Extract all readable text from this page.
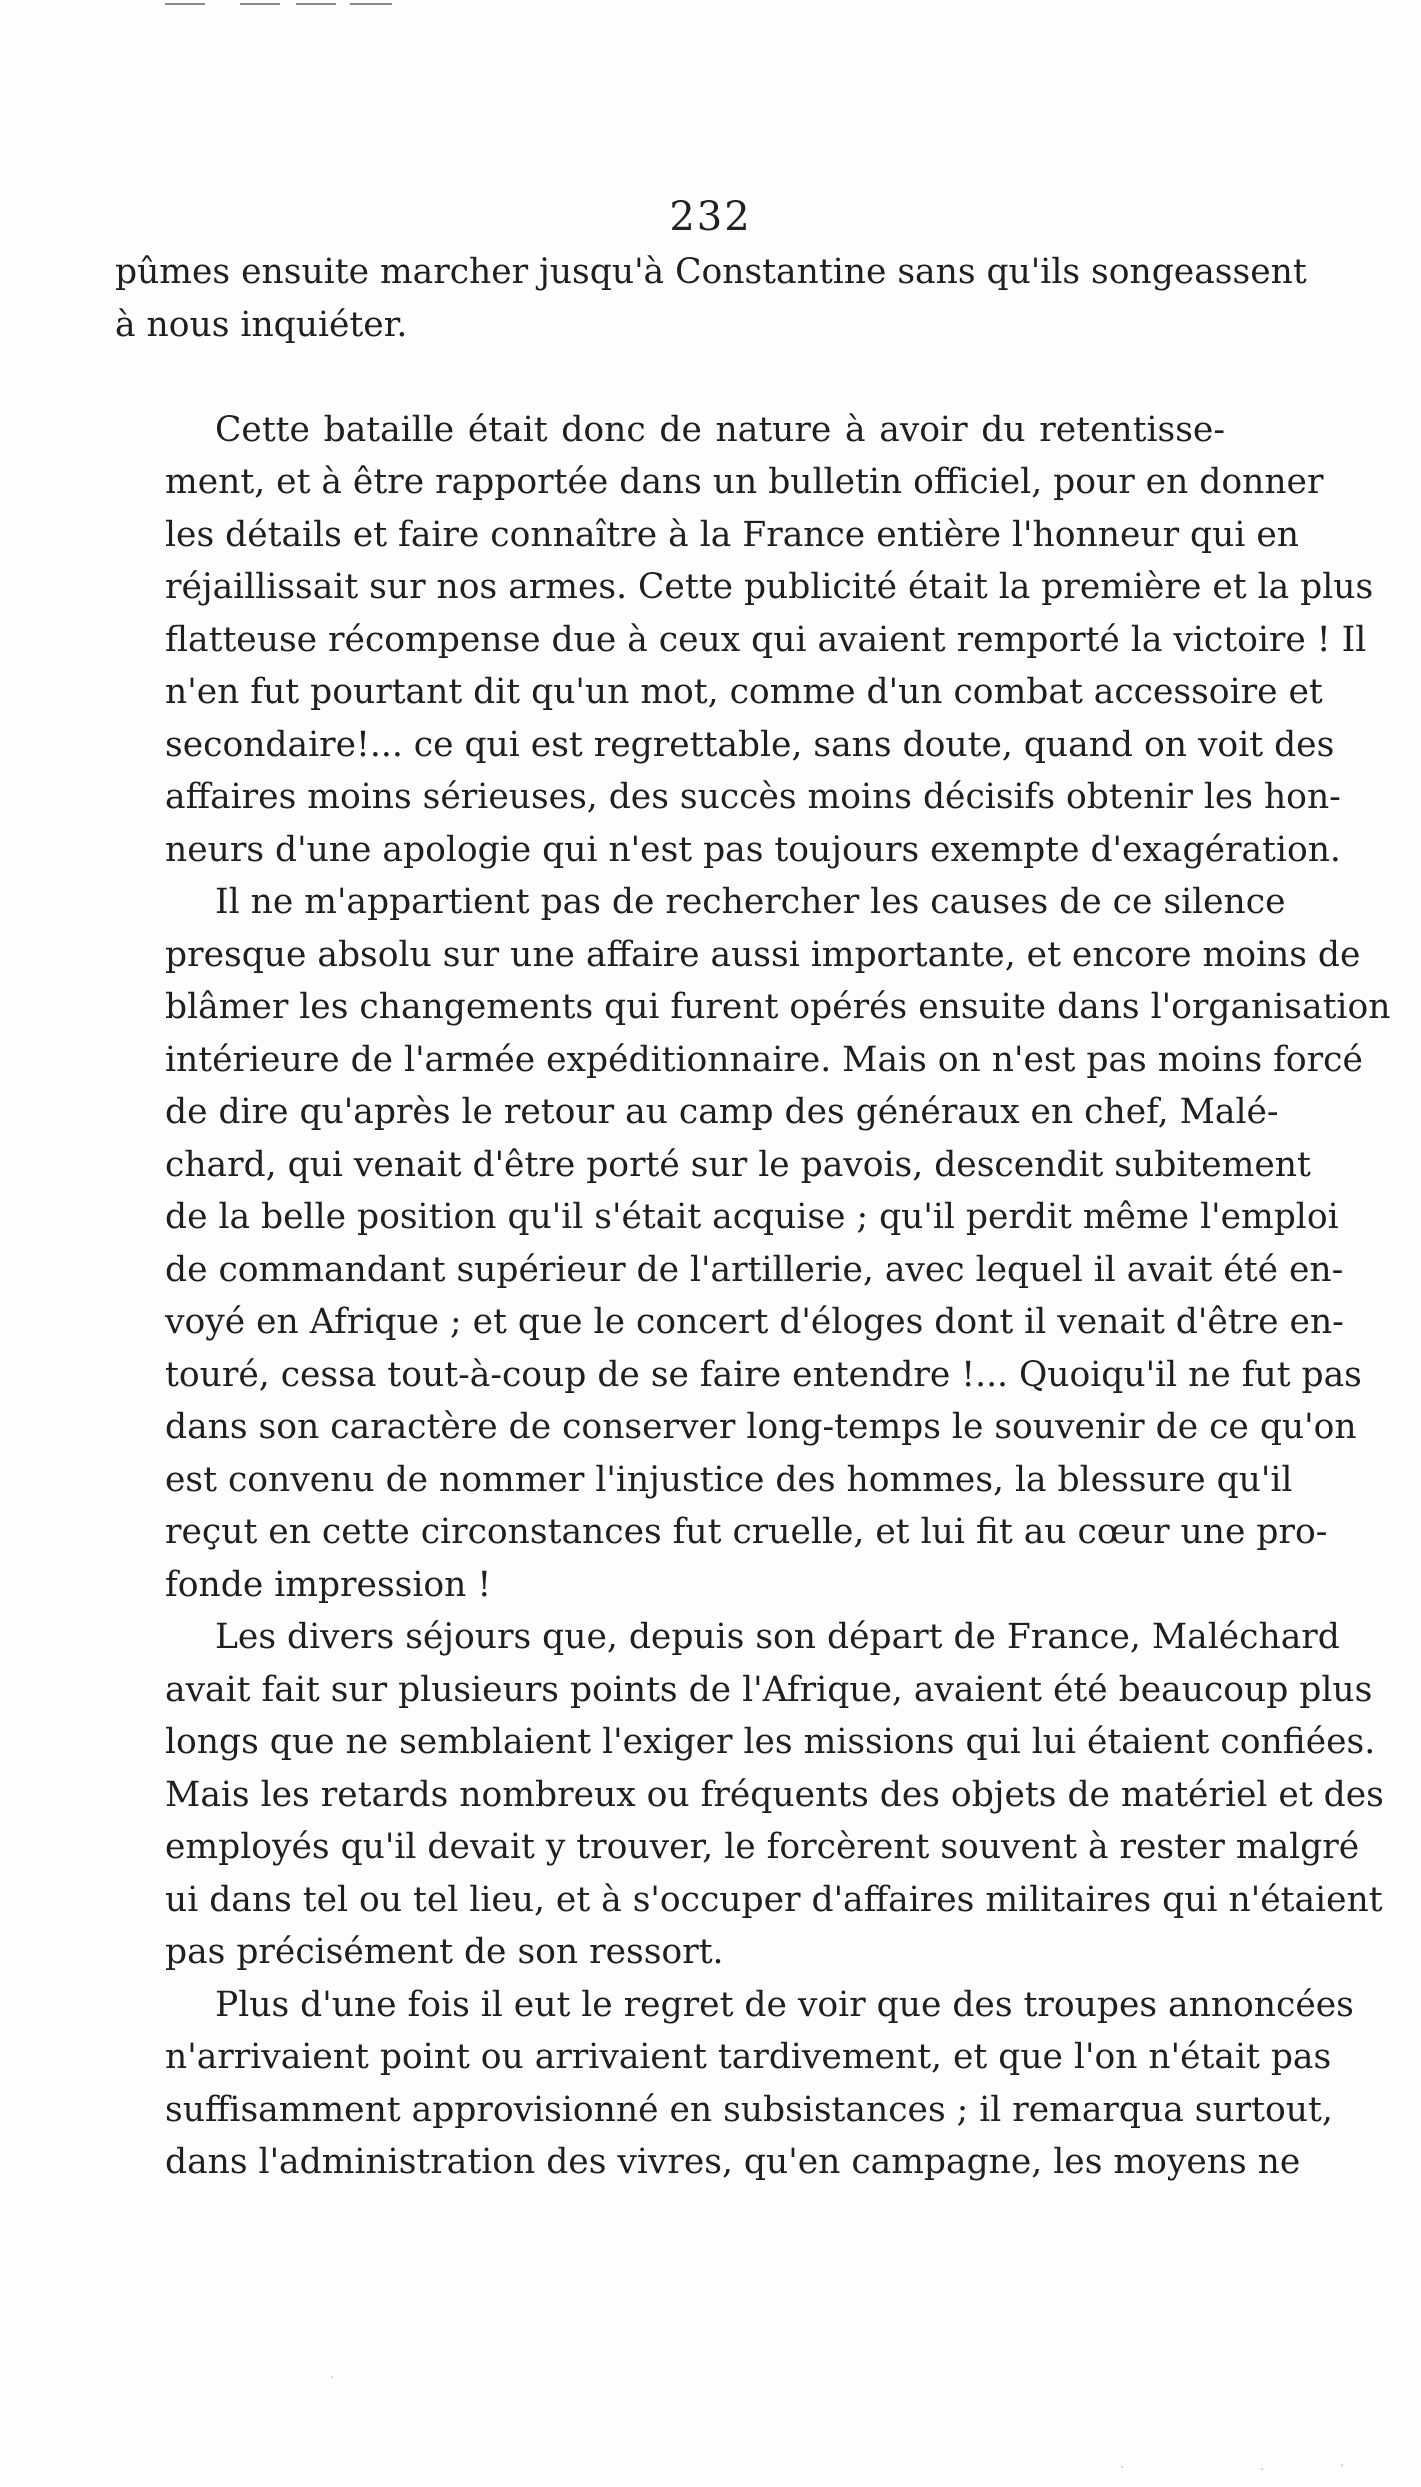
232

pûmes ensuite marcher jusqu'à Constantine sans qu'ils songeassent
à nous inquiéter.

Cette bataille était donc de nature à avoir du retentisse-
ment, et à être rapportée dans un bulletin officiel, pour en donner
les détails et faire connaître à la France entière l'honneur qui en
réjaillissait sur nos armes. Cette publicité était la première et la plus
flatteuse récompense due à ceux qui avaient remporté la victoire ! Il
n'en fut pourtant dit qu'un mot, comme d'un combat accessoire et
secondaire!... ce qui est regrettable, sans doute, quand on voit des
affaires moins sérieuses, des succès moins décisifs obtenir les hon-
neurs d'une apologie qui n'est pas toujours exempte d'exagération.

Il ne m'appartient pas de rechercher les causes de ce silence
presque absolu sur une affaire aussi importante, et encore moins de
blâmer les changements qui furent opérés ensuite dans l'organisation
intérieure de l'armée expéditionnaire. Mais on n'est pas moins forcé
de dire qu'après le retour au camp des généraux en chef, Malé-
chard, qui venait d'être porté sur le pavois, descendit subitement
de la belle position qu'il s'était acquise ; qu'il perdit même l'emploi
de commandant supérieur de l'artillerie, avec lequel il avait été en-
voyé en Afrique ; et que le concert d'éloges dont il venait d'être en-
touré, cessa tout-à-coup de se faire entendre !... Quoiqu'il ne fut pas
dans son caractère de conserver long-temps le souvenir de ce qu'on
est convenu de nommer l'injustice des hommes, la blessure qu'il
reçut en cette circonstances fut cruelle, et lui fit au cœur une pro-
fonde impression !

Les divers séjours que, depuis son départ de France, Maléchard
avait fait sur plusieurs points de l'Afrique, avaient été beaucoup plus
longs que ne semblaient l'exiger les missions qui lui étaient confiées.
Mais les retards nombreux ou fréquents des objets de matériel et des
employés qu'il devait y trouver, le forcèrent souvent à rester malgré
ui dans tel ou tel lieu, et à s'occuper d'affaires militaires qui n'étaient
pas précisément de son ressort.

Plus d'une fois il eut le regret de voir que des troupes annoncées
n'arrivaient point ou arrivaient tardivement, et que l'on n'était pas
suffisamment approvisionné en subsistances ; il remarqua surtout,
dans l'administration des vivres, qu'en campagne, les moyens ne

·
·	·	·
